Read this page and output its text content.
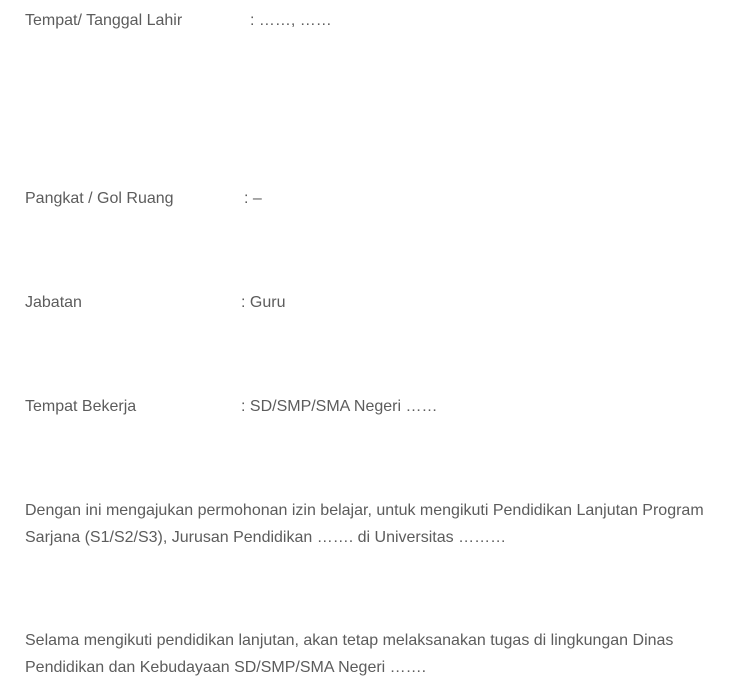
Tempat/ Tanggal Lahir	: ……, ……
Pangkat / Gol Ruang	: –
Jabatan	: Guru
Tempat Bekerja	: SD/SMP/SMA Negeri ……

Dengan ini mengajukan permohonan izin belajar, untuk mengikuti Pendidikan Lanjutan Program Sarjana (S1/S2/S3), Jurusan Pendidikan ……. di Universitas ………

Selama mengikuti pendidikan lanjutan, akan tetap melaksanakan tugas di lingkungan Dinas Pendidikan dan Kebudayaan SD/SMP/SMA Negeri …….
